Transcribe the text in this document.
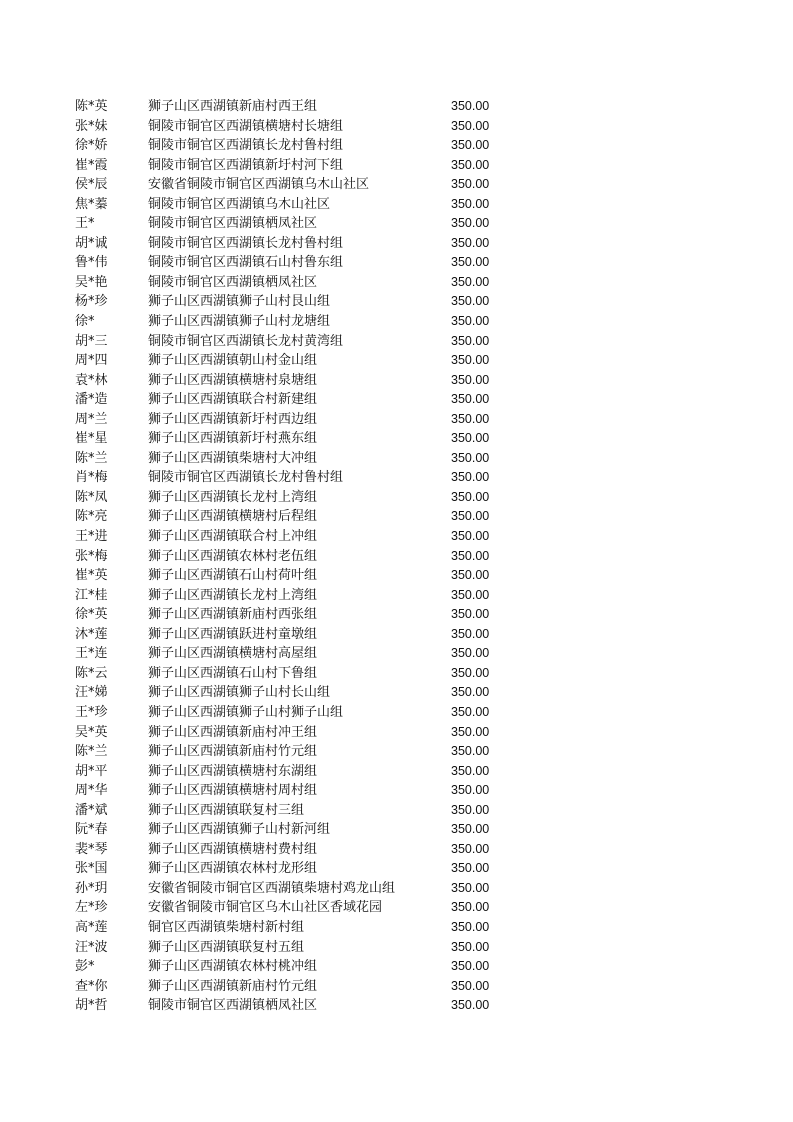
陈*英	狮子山区西湖镇新庙村西王组	350.00
张*妹	铜陵市铜官区西湖镇横塘村长塘组	350.00
徐*娇	铜陵市铜官区西湖镇长龙村鲁村组	350.00
崔*霞	铜陵市铜官区西湖镇新圩村河下组	350.00
侯*辰	安徽省铜陵市铜官区西湖镇乌木山社区	350.00
焦*蓁	铜陵市铜官区西湖镇乌木山社区	350.00
王*	铜陵市铜官区西湖镇栖凤社区	350.00
胡*诚	铜陵市铜官区西湖镇长龙村鲁村组	350.00
鲁*伟	铜陵市铜官区西湖镇石山村鲁东组	350.00
吴*艳	铜陵市铜官区西湖镇栖凤社区	350.00
杨*珍	狮子山区西湖镇狮子山村艮山组	350.00
徐*	狮子山区西湖镇狮子山村龙塘组	350.00
胡*三	铜陵市铜官区西湖镇长龙村黄湾组	350.00
周*四	狮子山区西湖镇朝山村金山组	350.00
袁*林	狮子山区西湖镇横塘村泉塘组	350.00
潘*造	狮子山区西湖镇联合村新建组	350.00
周*兰	狮子山区西湖镇新圩村西边组	350.00
崔*星	狮子山区西湖镇新圩村燕东组	350.00
陈*兰	狮子山区西湖镇柴塘村大冲组	350.00
肖*梅	铜陵市铜官区西湖镇长龙村鲁村组	350.00
陈*凤	狮子山区西湖镇长龙村上湾组	350.00
陈*亮	狮子山区西湖镇横塘村后程组	350.00
王*进	狮子山区西湖镇联合村上冲组	350.00
张*梅	狮子山区西湖镇农林村老伍组	350.00
崔*英	狮子山区西湖镇石山村荷叶组	350.00
江*桂	狮子山区西湖镇长龙村上湾组	350.00
徐*英	狮子山区西湖镇新庙村西张组	350.00
沐*莲	狮子山区西湖镇跃进村童墩组	350.00
王*连	狮子山区西湖镇横塘村高屋组	350.00
陈*云	狮子山区西湖镇石山村下鲁组	350.00
汪*娣	狮子山区西湖镇狮子山村长山组	350.00
王*珍	狮子山区西湖镇狮子山村狮子山组	350.00
吴*英	狮子山区西湖镇新庙村冲王组	350.00
陈*兰	狮子山区西湖镇新庙村竹元组	350.00
胡*平	狮子山区西湖镇横塘村东湖组	350.00
周*华	狮子山区西湖镇横塘村周村组	350.00
潘*斌	狮子山区西湖镇联复村三组	350.00
阮*春	狮子山区西湖镇狮子山村新河组	350.00
裴*琴	狮子山区西湖镇横塘村费村组	350.00
张*国	狮子山区西湖镇农林村龙形组	350.00
孙*玥	安徽省铜陵市铜官区西湖镇柴塘村鸡龙山组	350.00
左*珍	安徽省铜陵市铜官区乌木山社区香域花园	350.00
高*莲	铜官区西湖镇柴塘村新村组	350.00
汪*波	狮子山区西湖镇联复村五组	350.00
彭*	狮子山区西湖镇农林村桃冲组	350.00
查*你	狮子山区西湖镇新庙村竹元组	350.00
胡*哲	铜陵市铜官区西湖镇栖凤社区	350.00
